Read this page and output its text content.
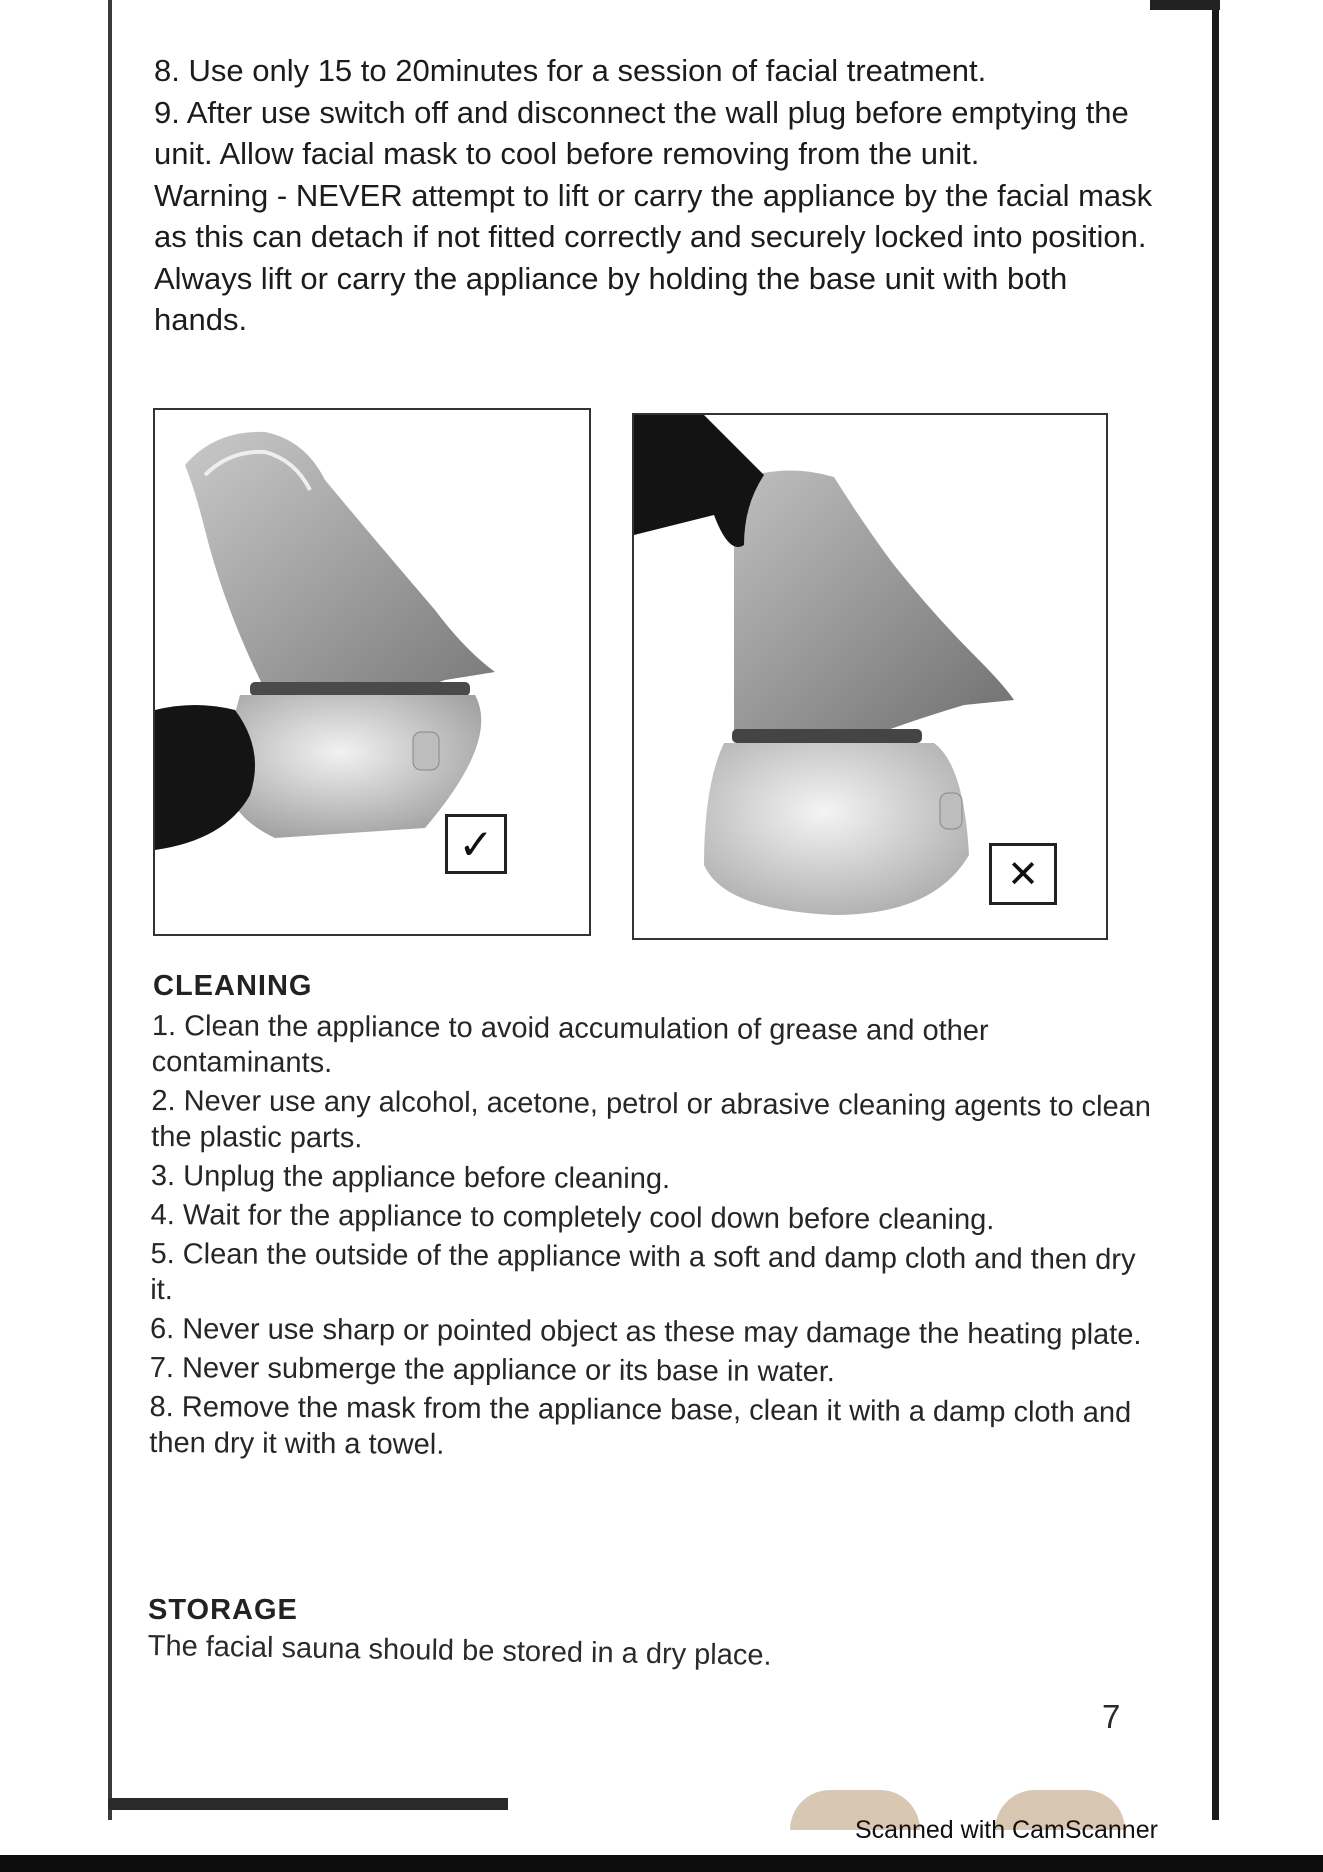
8. Use only 15 to 20minutes for a session of facial treatment.

9. After use switch off and disconnect the wall plug before emptying the unit. Allow facial mask to cool before removing from the unit.

Warning - NEVER attempt to lift or carry the appliance by the facial mask as this can detach if not fitted correctly and securely locked into position. Always lift or carry the appliance by holding the base unit with both hands.

✓
✕
CLEANING
1. Clean the appliance to avoid accumulation of grease and other contaminants.
2. Never use any alcohol, acetone, petrol or abrasive cleaning agents to clean the plastic parts.
3. Unplug the appliance before cleaning.
4. Wait for the appliance to completely cool down before cleaning.
5. Clean the outside of the appliance with a soft and damp cloth and then dry it.
6. Never use sharp or pointed object as these may damage the heating plate.
7. Never submerge the appliance or its base in water.
8. Remove the mask from the appliance base, clean it with a damp cloth and then dry it with a towel.
STORAGE
The facial sauna should be stored in a dry place.
7
Scanned with CamScanner
